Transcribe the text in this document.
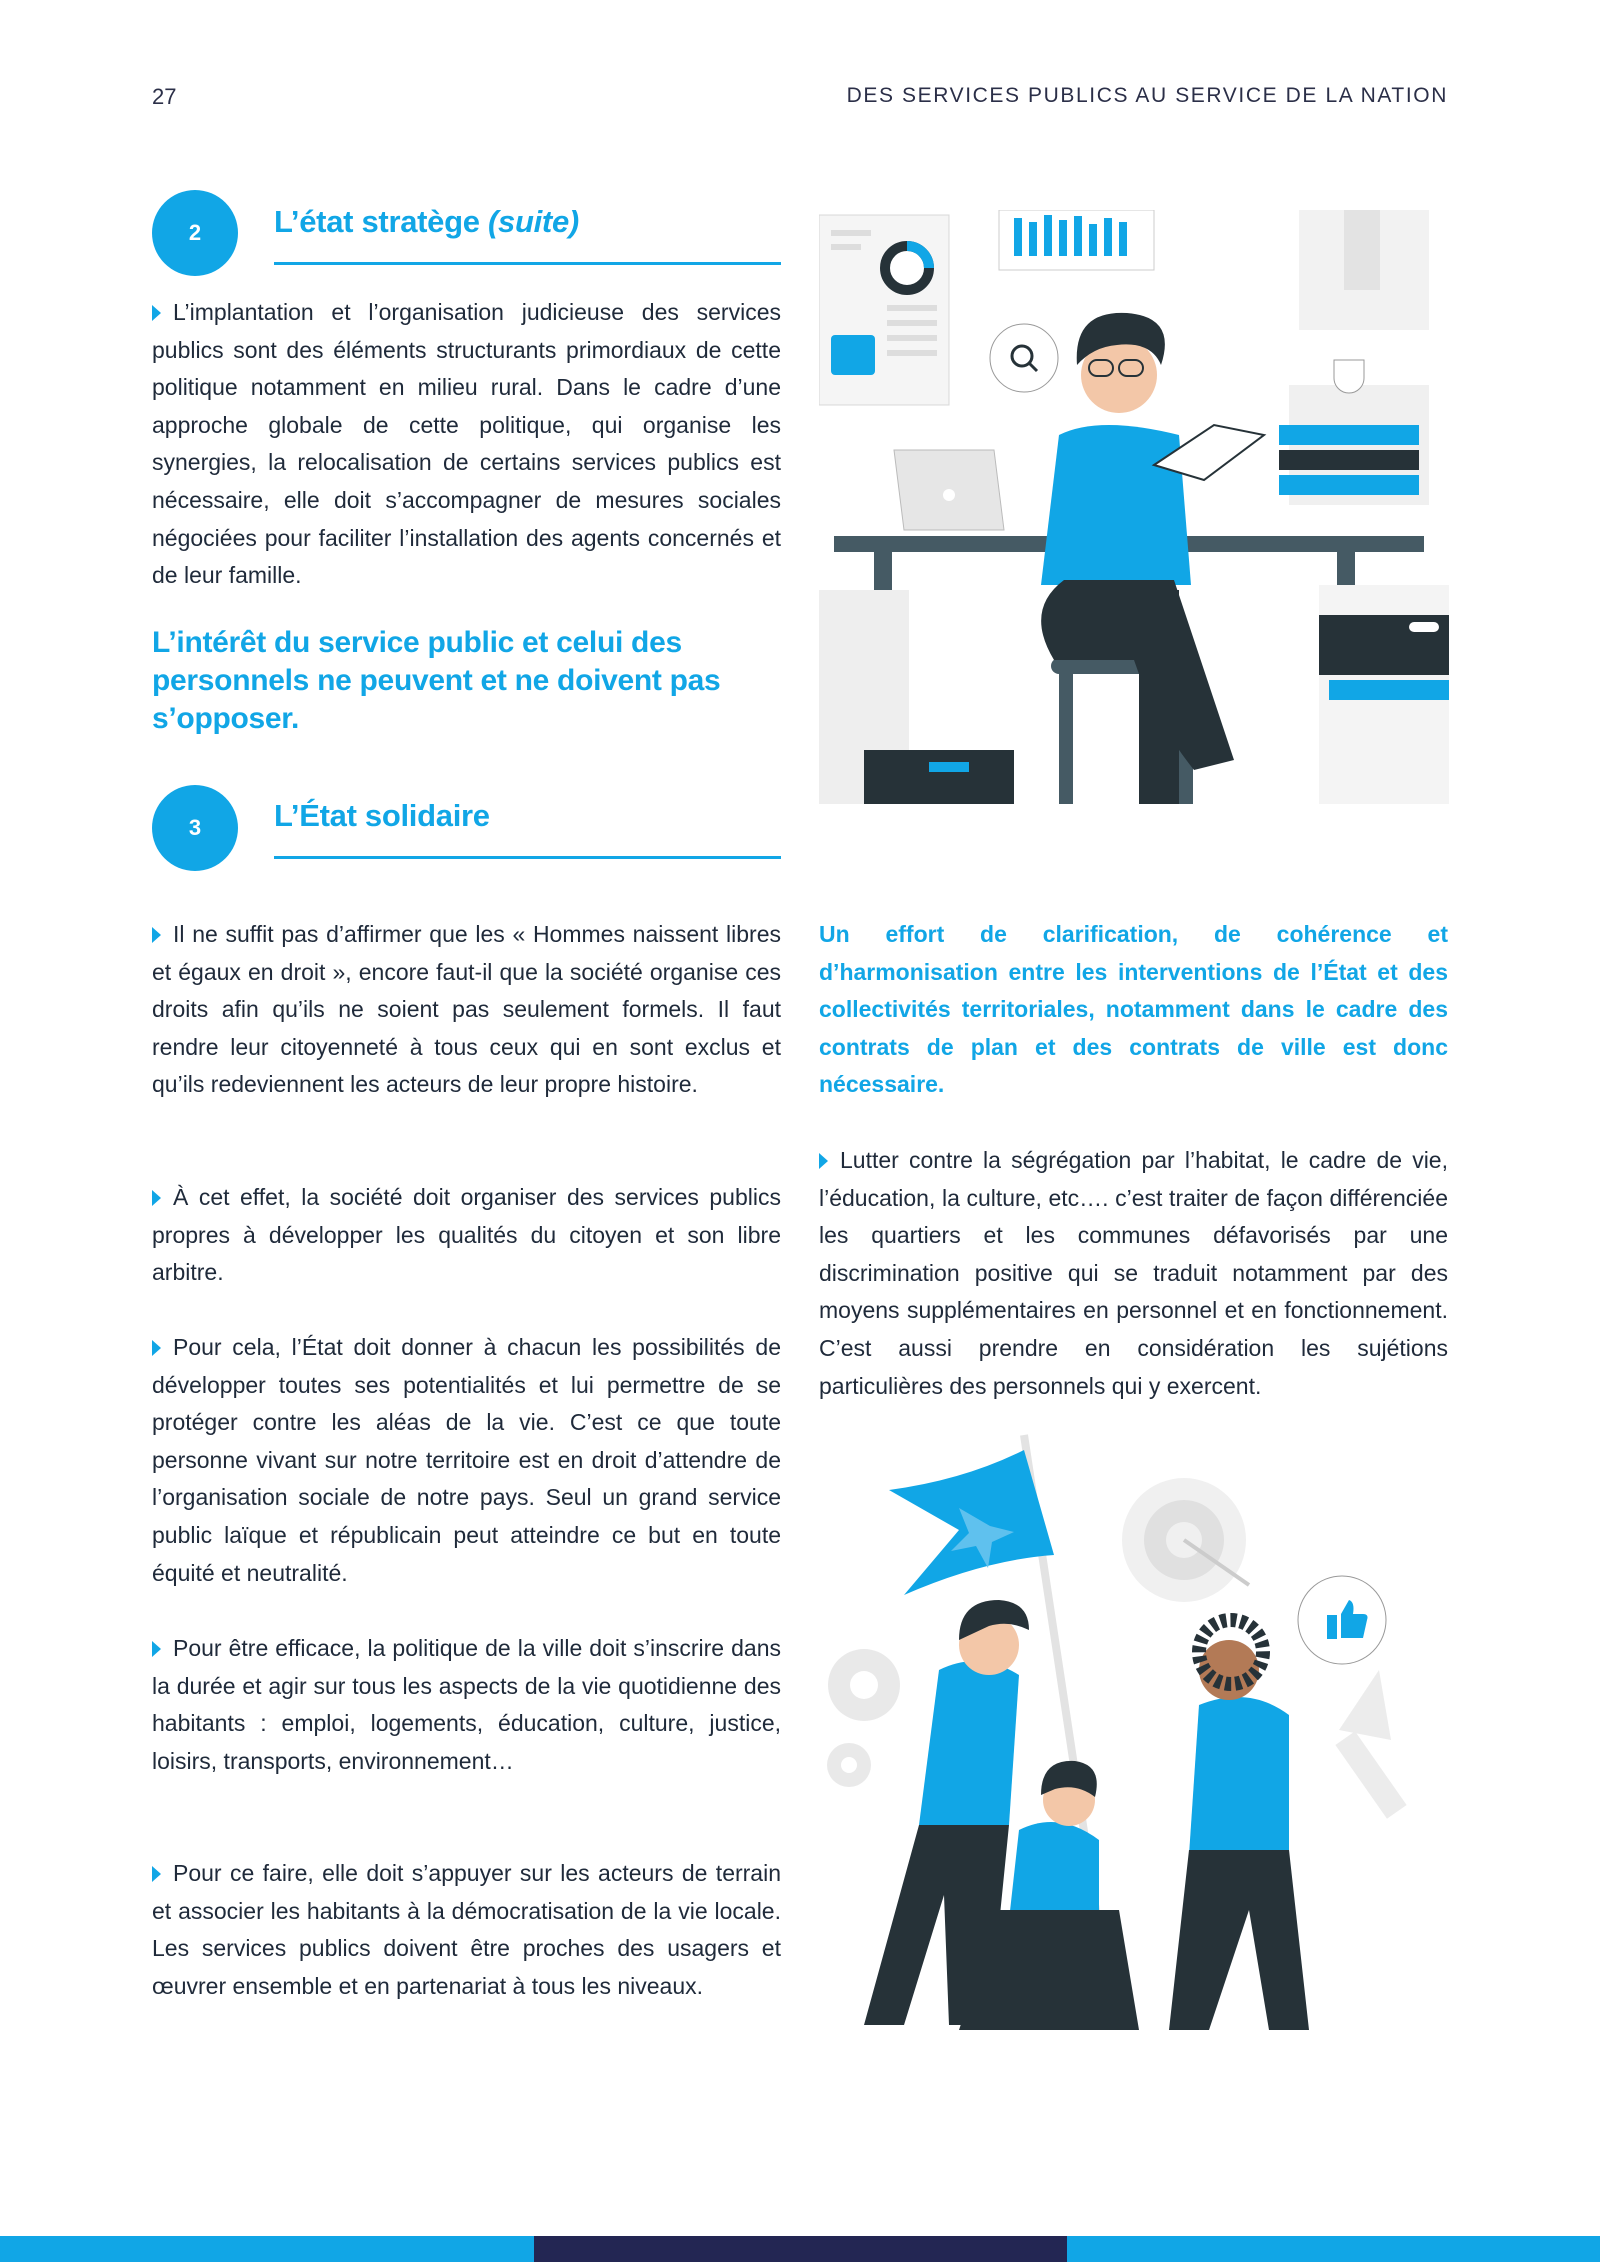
27	DES SERVICES PUBLICS AU SERVICE DE LA NATION
2	L’état stratège (suite)
L’implantation et l’organisation judicieuse des services publics sont des éléments structurants primordiaux de cette politique notamment en milieu rural. Dans le cadre d’une approche globale de cette politique, qui organise les synergies, la relocalisation de certains services publics est nécessaire, elle doit s’accompagner de mesures sociales négociées pour faciliter l’installation des agents concernés et de leur famille.
L’intérêt du service public et celui des personnels ne peuvent et ne doivent pas s’opposer.
3	L’État solidaire
Il ne suffit pas d’affirmer que les « Hommes naissent libres et égaux en droit », encore faut-il que la société organise ces droits afin qu’ils ne soient pas seulement formels. Il faut rendre leur citoyenneté à tous ceux qui en sont exclus et qu’ils redeviennent les acteurs de leur propre histoire.
À cet effet, la société doit organiser des services publics propres à développer les qualités du citoyen et son libre arbitre.
Pour cela, l’État doit donner à chacun les possibilités de développer toutes ses potentialités et lui permettre de se protéger contre les aléas de la vie. C’est ce que toute personne vivant sur notre territoire est en droit d’attendre de l’organisation sociale de notre pays. Seul un grand service public laïque et républicain peut atteindre ce but en toute équité et neutralité.
Pour être efficace, la politique de la ville doit s’inscrire dans la durée et agir sur tous les aspects de la vie quotidienne des habitants : emploi, logements, éducation, culture, justice, loisirs, transports, environnement…
Pour ce faire, elle doit s’appuyer sur les acteurs de terrain et associer les habitants à la démocratisation de la vie locale. Les services publics doivent être proches des usagers et œuvrer ensemble et en partenariat à tous les niveaux.
Un effort de clarification, de cohérence et d’harmonisation entre les interventions de l’État et des collectivités territoriales, notamment dans le cadre des contrats de plan et des contrats de ville est donc nécessaire.
Lutter contre la ségrégation par l’habitat, le cadre de vie, l’éducation, la culture, etc…. c’est traiter de façon différenciée les quartiers et les communes défavorisés par une discrimination positive qui se traduit notamment par des moyens supplémentaires en personnel et en fonctionnement. C’est aussi prendre en considération les sujétions particulières des personnels qui y exercent.
